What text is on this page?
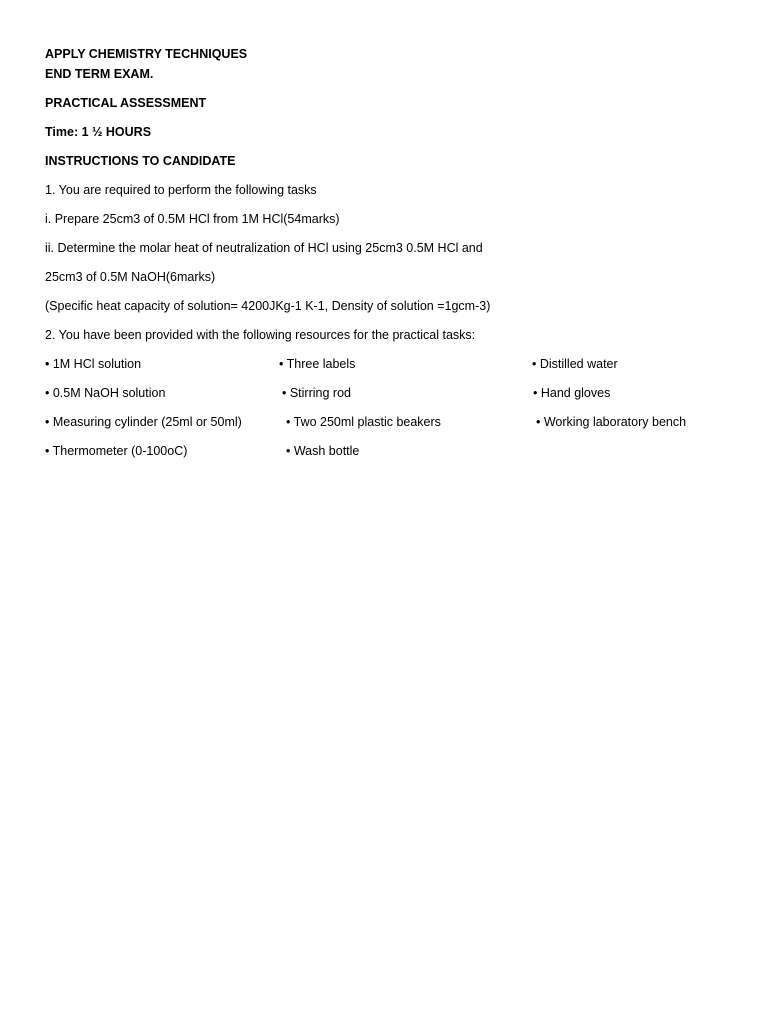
APPLY CHEMISTRY TECHNIQUES
END TERM EXAM.
PRACTICAL ASSESSMENT
Time: 1 ½ HOURS
INSTRUCTIONS TO CANDIDATE
1. You are required to perform the following tasks
i. Prepare 25cm3 of 0.5M HCl from 1M HCl(54marks)
ii. Determine the molar heat of neutralization of HCl using 25cm3 0.5M HCl and
25cm3 of 0.5M NaOH(6marks)
(Specific heat capacity of solution= 4200JKg-1 K-1, Density of solution =1gcm-3)
2. You have been provided with the following resources for the practical tasks:
• 1M HCl solution
• 0.5M NaOH solution
• Measuring cylinder (25ml or 50ml)
• Thermometer (0-100oC)
• Three labels
• Stirring rod
• Two 250ml plastic beakers
• Wash bottle
• Distilled water
• Hand gloves
• Working laboratory bench
